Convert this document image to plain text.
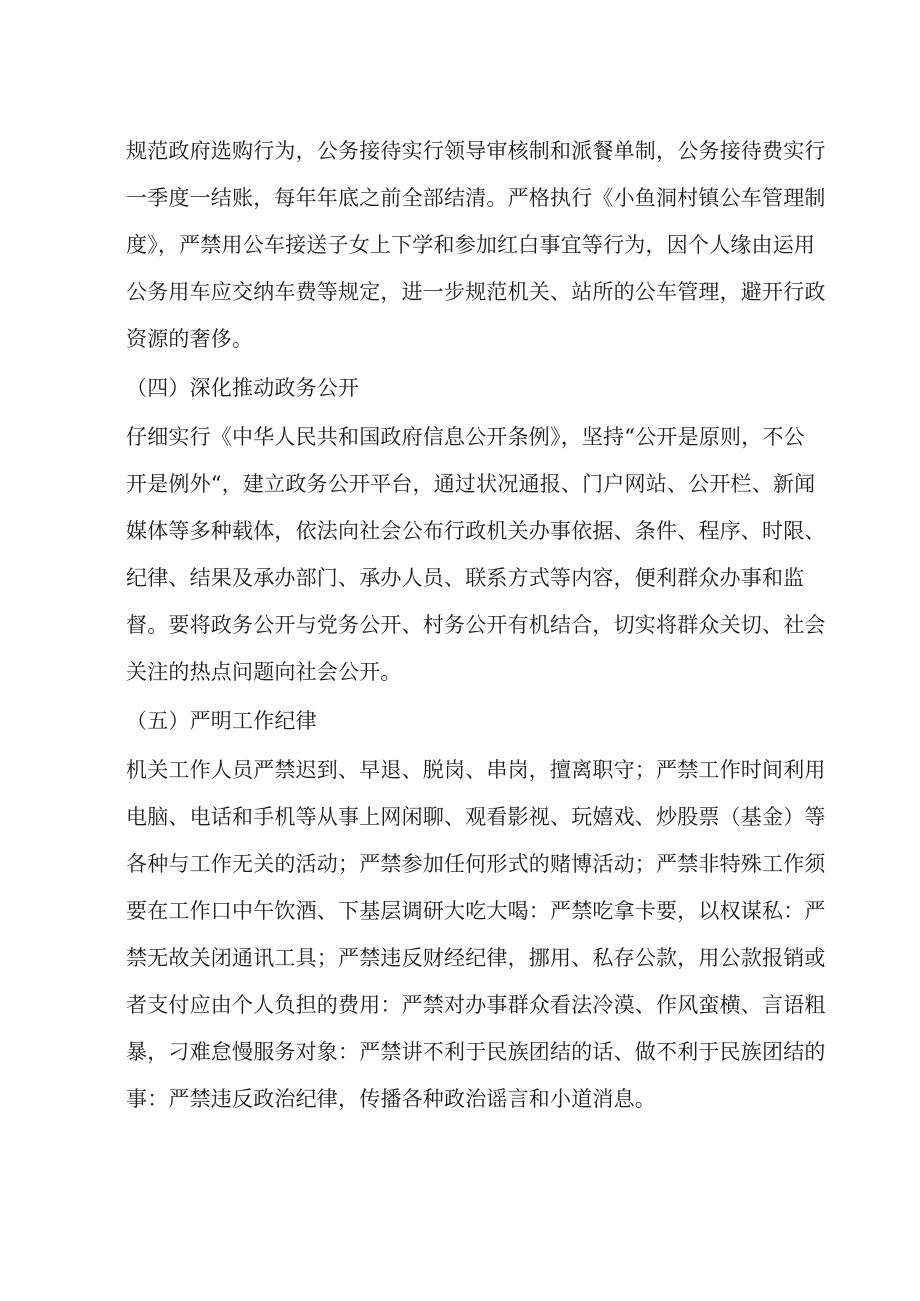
规范政府选购行为，公务接待实行领导审核制和派餐单制，公务接待费实行
一季度一结账，每年年底之前全部结清。严格执行《小鱼洞村镇公车管理制
度》，严禁用公车接送子女上下学和参加红白事宜等行为，因个人缘由运用
公务用车应交纳车费等规定，进一步规范机关、站所的公车管理，避开行政
资源的奢侈。
（四）深化推动政务公开
仔细实行《中华人民共和国政府信息公开条例》，坚持“公开是原则，不公
开是例外“，建立政务公开平台，通过状况通报、门户网站、公开栏、新闻
媒体等多种载体，依法向社会公布行政机关办事依据、条件、程序、时限、
纪律、结果及承办部门、承办人员、联系方式等内容，便利群众办事和监
督。要将政务公开与党务公开、村务公开有机结合，切实将群众关切、社会
关注的热点问题向社会公开。
（五）严明工作纪律
机关工作人员严禁迟到、早退、脱岗、串岗，擅离职守；严禁工作时间利用
电脑、电话和手机等从事上网闲聊、观看影视、玩嬉戏、炒股票（基金）等
各种与工作无关的活动；严禁参加任何形式的赌博活动；严禁非特殊工作须
要在工作口中午饮酒、下基层调研大吃大喝：严禁吃拿卡要，以权谋私：严
禁无故关闭通讯工具；严禁违反财经纪律，挪用、私存公款，用公款报销或
者支付应由个人负担的费用：严禁对办事群众看法冷漠、作风蛮横、言语粗
暴，刁难怠慢服务对象：严禁讲不利于民族团结的话、做不利于民族团结的
事：严禁违反政治纪律，传播各种政治谣言和小道消息。
